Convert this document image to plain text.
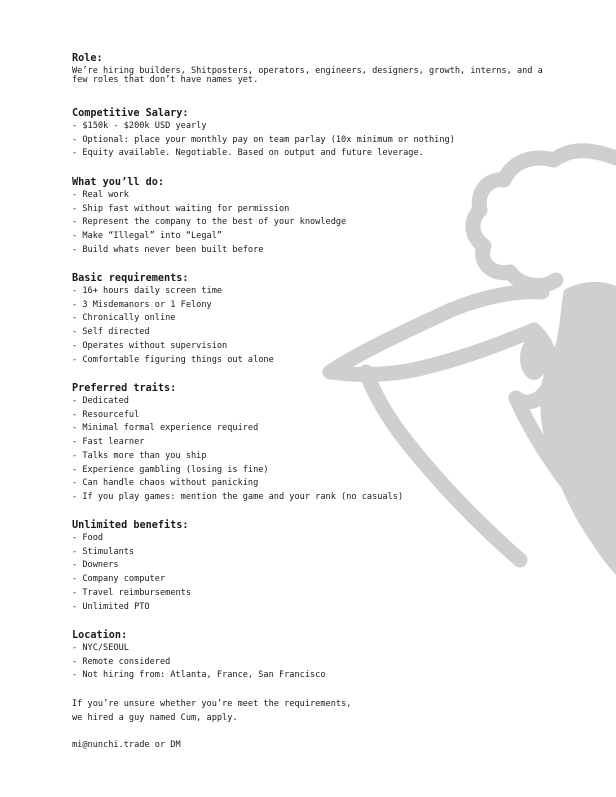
Role:
We’re hiring builders, Shitposters, operators, engineers, designers, growth, interns, and a few roles that don’t have names yet.
Competitive Salary:
- $150k - $200k USD yearly
- Optional: place your monthly pay on team parlay (10x minimum or nothing)
- Equity available. Negotiable. Based on output and future leverage.
What you’ll do:
- Real work
- Ship fast without waiting for permission
- Represent the company to the best of your knowledge
- Make “Illegal” into “Legal”
- Build whats never been built before
Basic requirements:
- 16+ hours daily screen time
- 3 Misdemanors or 1 Felony
- Chronically online
- Self directed
- Operates without supervision
- Comfortable figuring things out alone
Preferred traits:
- Dedicated
- Resourceful
- Minimal formal experience required
- Fast learner
- Talks more than you ship
- Experience gambling (losing is fine)
- Can handle chaos without panicking
- If you play games: mention the game and your rank (no casuals)
Unlimited benefits:
- Food
- Stimulants
- Downers
- Company computer
- Travel reimbursements
- Unlimited PTO
Location:
- NYC/SEOUL
- Remote considered
- Not hiring from: Atlanta, France, San Francisco
If you’re unsure whether you’re meet the requirements,
we hired a guy named Cum, apply.
mi@nunchi.trade or DM
